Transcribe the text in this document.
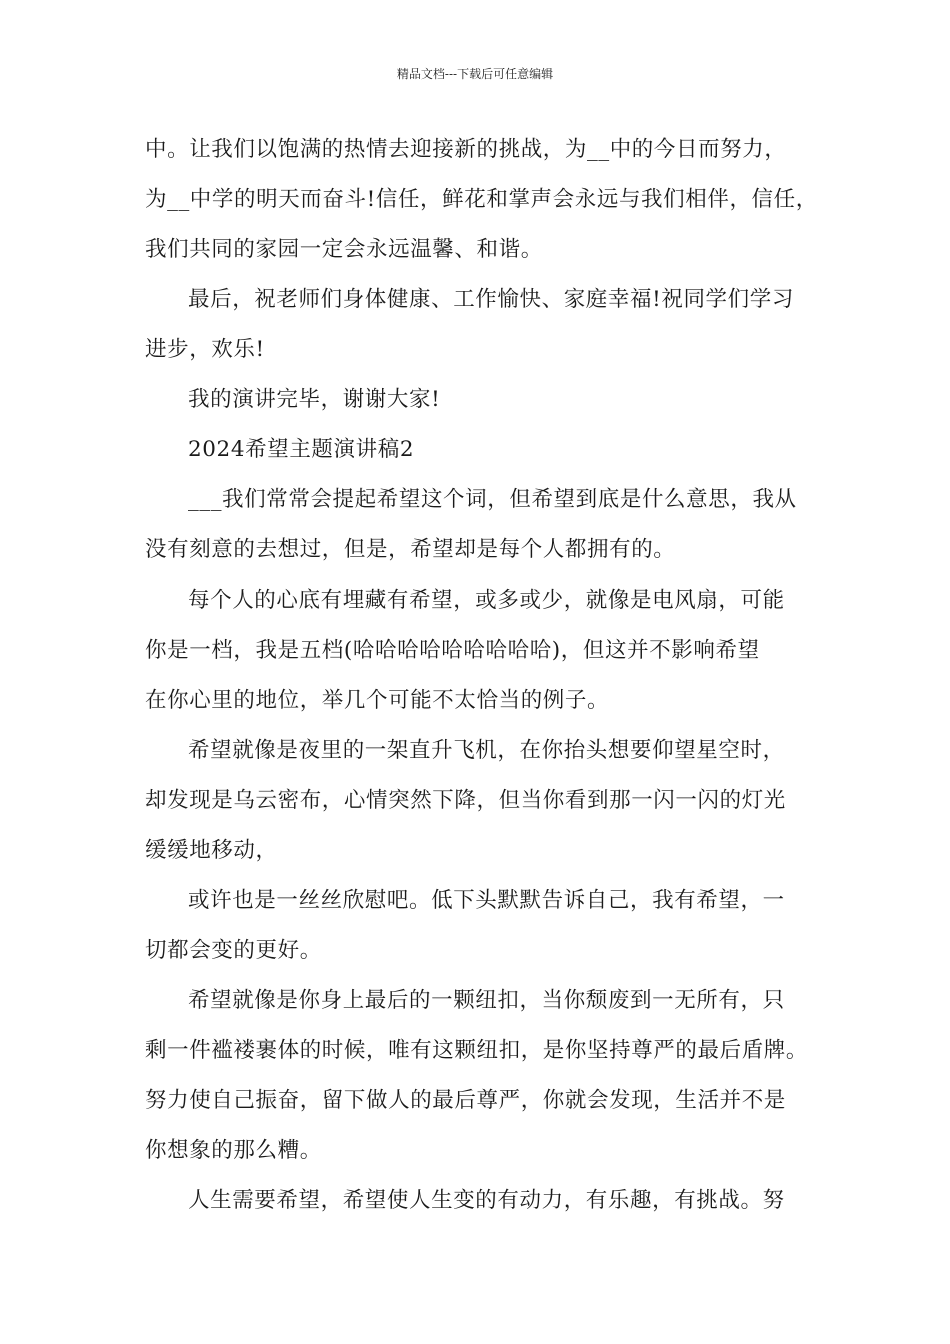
精品文档---下载后可任意编辑
中。让我们以饱满的热情去迎接新的挑战，为__中的今日而努力，
为__中学的明天而奋斗!信任，鲜花和掌声会永远与我们相伴，信任，
我们共同的家园一定会永远温馨、和谐。
最后，祝老师们身体健康、工作愉快、家庭幸福!祝同学们学习
进步，欢乐!
我的演讲完毕，谢谢大家!
2024希望主题演讲稿2
___我们常常会提起希望这个词，但希望到底是什么意思，我从
没有刻意的去想过，但是，希望却是每个人都拥有的。
每个人的心底有埋藏有希望，或多或少，就像是电风扇，可能
你是一档，我是五档(哈哈哈哈哈哈哈哈哈)，但这并不影响希望
在你心里的地位，举几个可能不太恰当的例子。
希望就像是夜里的一架直升飞机，在你抬头想要仰望星空时，
却发现是乌云密布，心情突然下降，但当你看到那一闪一闪的灯光
缓缓地移动，
或许也是一丝丝欣慰吧。低下头默默告诉自己，我有希望，一
切都会变的更好。
希望就像是你身上最后的一颗纽扣，当你颓废到一无所有，只
剩一件褴褛裹体的时候，唯有这颗纽扣，是你坚持尊严的最后盾牌。
努力使自己振奋，留下做人的最后尊严，你就会发现，生活并不是
你想象的那么糟。
人生需要希望，希望使人生变的有动力，有乐趣，有挑战。努
